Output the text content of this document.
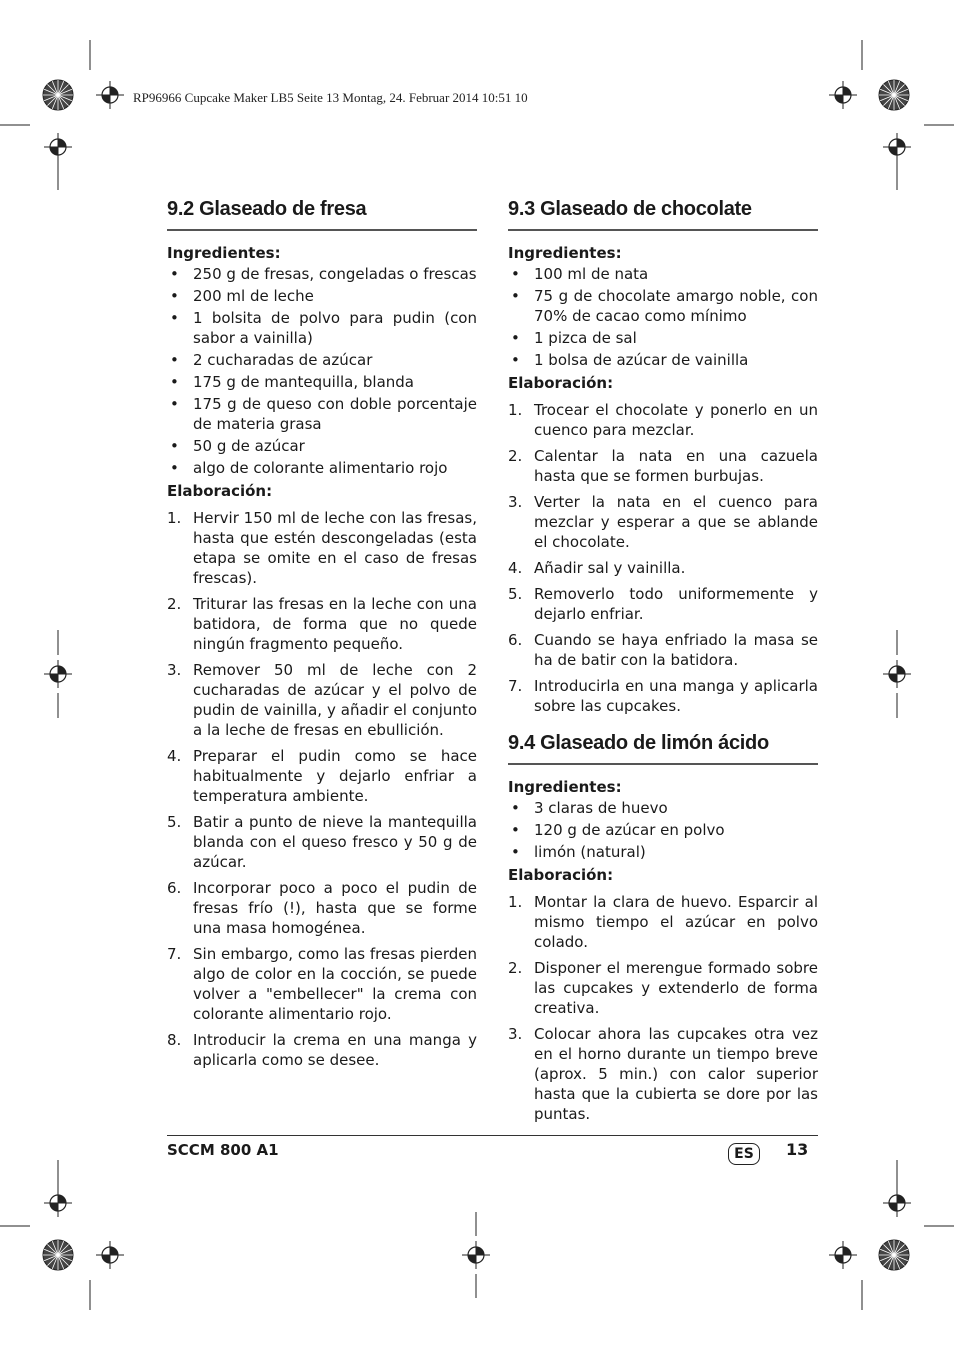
RP96966 Cupcake Maker LB5 Seite 13 Montag, 24. Februar 2014 10:51 10
9.2 Glaseado de fresa

Ingredientes:

• 250 g de fresas, congeladas o frescas
• 200 ml de leche
• 1 bolsita de polvo para pudin (con sabor a vainilla)
• 2 cucharadas de azúcar
• 175 g de mantequilla, blanda
• 175 g de queso con doble porcentaje de materia grasa
• 50 g de azúcar
• algo de colorante alimentario rojo

Elaboración:

1. Hervir 150 ml de leche con las fresas, hasta que estén descongeladas (esta etapa se omite en el caso de fresas frescas).
2. Triturar las fresas en la leche con una batidora, de forma que no quede ningún fragmento pequeño.
3. Remover 50 ml de leche con 2 cucharadas de azúcar y el polvo de pudin de vainilla, y añadir el conjunto a la leche de fresas en ebullición.
4. Preparar el pudin como se hace habitualmente y dejarlo enfriar a temperatura ambiente.
5. Batir a punto de nieve la mantequilla blanda con el queso fresco y 50 g de azúcar.
6. Incorporar poco a poco el pudin de fresas frío (!), hasta que se forme una masa homogénea.
7. Sin embargo, como las fresas pierden algo de color en la cocción, se puede volver a "embellecer" la crema con colorante alimentario rojo.
8. Introducir la crema en una manga y aplicarla como se desee.
9.3 Glaseado de chocolate

Ingredientes:

• 100 ml de nata
• 75 g de chocolate amargo noble, con 70% de cacao como mínimo
• 1 pizca de sal
• 1 bolsa de azúcar de vainilla

Elaboración:

1. Trocear el chocolate y ponerlo en un cuenco para mezclar.
2. Calentar la nata en una cazuela hasta que se formen burbujas.
3. Verter la nata en el cuenco para mezclar y esperar a que se ablande el chocolate.
4. Añadir sal y vainilla.
5. Removerlo todo uniformemente y dejarlo enfriar.
6. Cuando se haya enfriado la masa se ha de batir con la batidora.
7. Introducirla en una manga y aplicarla sobre las cupcakes.
9.4 Glaseado de limón ácido

Ingredientes:

• 3 claras de huevo
• 120 g de azúcar en polvo
• limón (natural)

Elaboración:

1. Montar la clara de huevo. Esparcir al mismo tiempo el azúcar en polvo colado.
2. Disponer el merengue formado sobre las cupcakes y extenderlo de forma creativa.
3. Colocar ahora las cupcakes otra vez en el horno durante un tiempo breve (aprox. 5 min.) con calor superior hasta que la cubierta se dore por las puntas.
SCCM 800 A1	ES	13
